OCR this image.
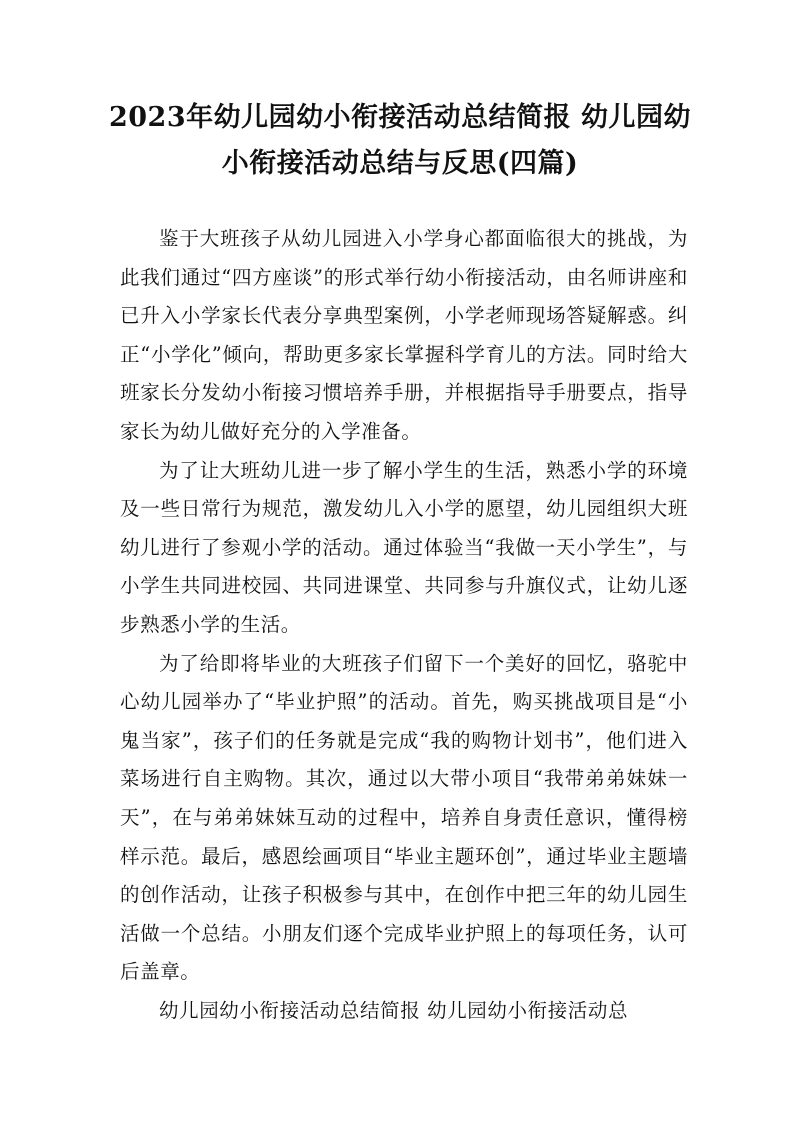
2023年幼儿园幼小衔接活动总结简报 幼儿园幼小衔接活动总结与反思(四篇)

鉴于大班孩子从幼儿园进入小学身心都面临很大的挑战，为此我们通过“四方座谈”的形式举行幼小衔接活动，由名师讲座和已升入小学家长代表分享典型案例，小学老师现场答疑解惑。纠正“小学化”倾向，帮助更多家长掌握科学育儿的方法。同时给大班家长分发幼小衔接习惯培养手册，并根据指导手册要点，指导家长为幼儿做好充分的入学准备。

为了让大班幼儿进一步了解小学生的生活，熟悉小学的环境及一些日常行为规范，激发幼儿入小学的愿望，幼儿园组织大班幼儿进行了参观小学的活动。通过体验当“我做一天小学生”，与小学生共同进校园、共同进课堂、共同参与升旗仪式，让幼儿逐步熟悉小学的生活。

为了给即将毕业的大班孩子们留下一个美好的回忆，骆驼中心幼儿园举办了“毕业护照”的活动。首先，购买挑战项目是“小鬼当家”，孩子们的任务就是完成“我的购物计划书”，他们进入菜场进行自主购物。其次，通过以大带小项目“我带弟弟妹妹一天”，在与弟弟妹妹互动的过程中，培养自身责任意识，懂得榜样示范。最后，感恩绘画项目“毕业主题环创”，通过毕业主题墙的创作活动，让孩子积极参与其中，在创作中把三年的幼儿园生活做一个总结。小朋友们逐个完成毕业护照上的每项任务，认可后盖章。

幼儿园幼小衔接活动总结简报 幼儿园幼小衔接活动总
